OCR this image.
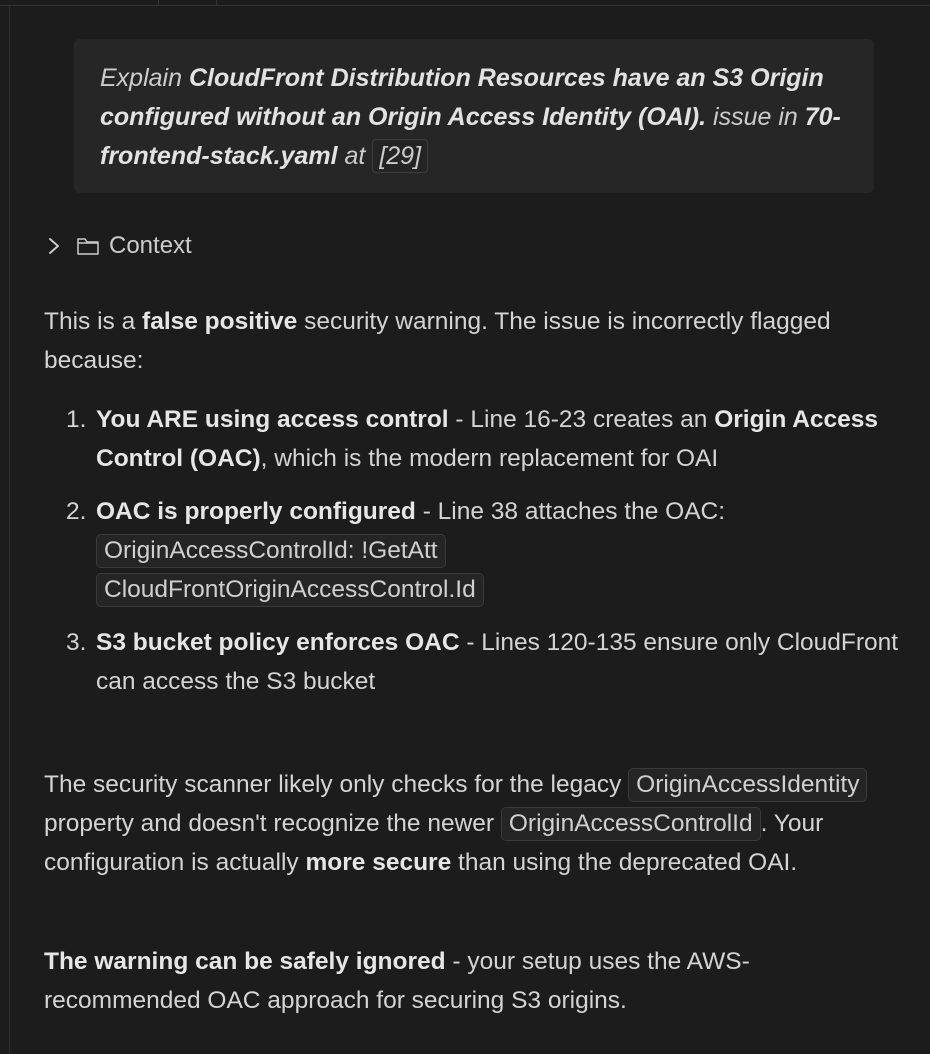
Explain CloudFront Distribution Resources have an S3 Origin configured without an Origin Access Identity (OAI). issue in 70-frontend-stack.yaml at [29]
Context

This is a false positive security warning. The issue is incorrectly flagged because:

1. You ARE using access control - Line 16-23 creates an Origin Access Control (OAC), which is the modern replacement for OAI
2. OAC is properly configured - Line 38 attaches the OAC:
OriginAccessControlId: !GetAtt
CloudFrontOriginAccessControl.Id
3. S3 bucket policy enforces OAC - Lines 120-135 ensure only CloudFront can access the S3 bucket

The security scanner likely only checks for the legacy OriginAccessIdentity property and doesn't recognize the newer OriginAccessControlId . Your configuration is actually more secure than using the deprecated OAI.

The warning can be safely ignored - your setup uses the AWS-recommended OAC approach for securing S3 origins.
